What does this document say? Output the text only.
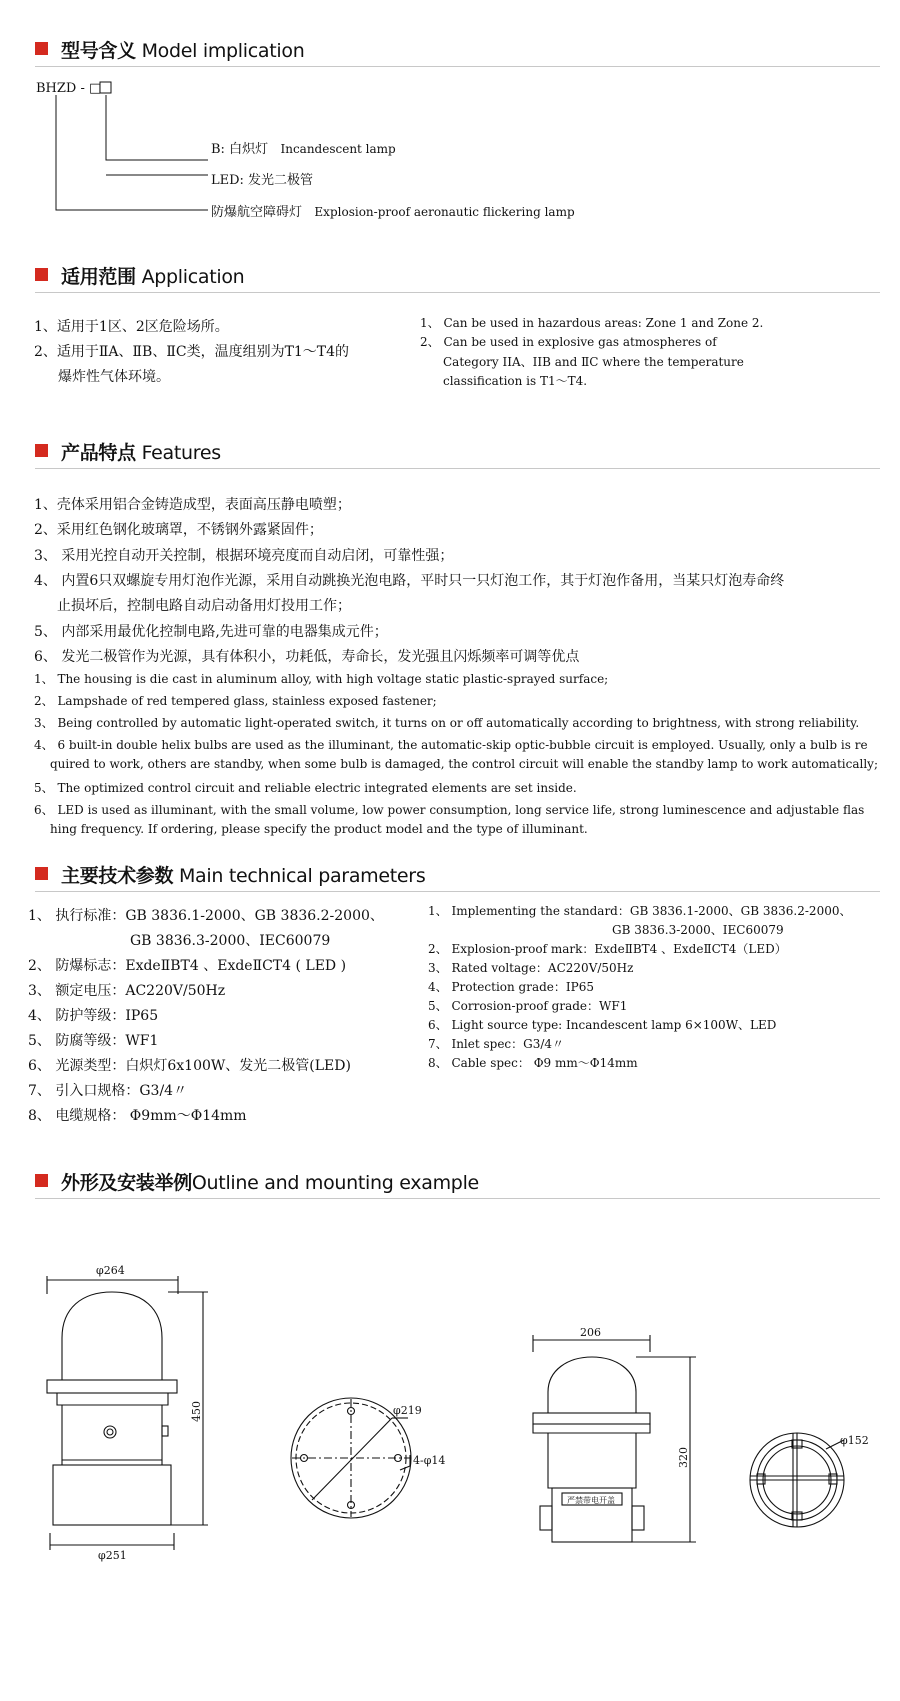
型号含义 Model implication
BHZD - □
B: 白炽灯 Incandescent lamp
LED: 发光二极管
防爆航空障碍灯 Explosion-proof aeronautic flickering lamp
适用范围 Application
1、适用于1区、2区危险场所。
2、适用于ⅡA、ⅡB、ⅡC类，温度组别为T1～T4的
爆炸性气体环境。
1、 Can be used in hazardous areas: Zone 1 and Zone 2.
2、 Can be used in explosive gas atmospheres of
Category IIA、IIB and ⅡC where the temperature
classification is T1～T4.
产品特点 Features
1、壳体采用铝合金铸造成型，表面高压静电喷塑；
2、采用红色钢化玻璃罩，不锈钢外露紧固件；
3、 采用光控自动开关控制，根据环境亮度而自动启闭，可靠性强；
4、 内置6只双螺旋专用灯泡作光源，采用自动跳换光泡电路，平时只一只灯泡工作，其于灯泡作备用，当某只灯泡寿命终
止损坏后，控制电路自动启动备用灯投用工作；
5、 内部采用最优化控制电路,先进可靠的电器集成元件；
6、 发光二极管作为光源，具有体积小，功耗低，寿命长，发光强且闪烁频率可调等优点
1、 The housing is die cast in aluminum alloy, with high voltage static plastic-sprayed surface;
2、 Lampshade of red tempered glass, stainless exposed fastener;
3、 Being controlled by automatic light-operated switch, it turns on or off automatically according to brightness, with strong reliability.
4、 6 built-in double helix bulbs are used as the illuminant, the automatic-skip optic-bubble circuit is employed. Usually, only a bulb is re
quired to work, others are standby, when some bulb is damaged, the control circuit will enable the standby lamp to work automatically;
5、 The optimized control circuit and reliable electric integrated elements are set inside.
6、 LED is used as illuminant, with the small volume, low power consumption, long service life, strong luminescence and adjustable flas
hing frequency. If ordering, please specify the product model and the type of illuminant.
主要技术参数 Main technical parameters
1、 执行标准：GB 3836.1-2000、GB 3836.2-2000、
GB 3836.3-2000、IEC60079
2、 防爆标志：ExdeⅡBT4 、ExdeⅡCT4 ( LED )
3、 额定电压：AC220V/50Hz
4、 防护等级：IP65
5、 防腐等级：WF1
6、 光源类型：白炽灯6x100W、发光二极管(LED)
7、 引入口规格：G3/4〃
8、 电缆规格： Φ9mm～Φ14mm
1、 Implementing the standard：GB 3836.1-2000、GB 3836.2-2000、
GB 3836.3-2000、IEC60079
2、 Explosion-proof mark：ExdeⅡBT4 、ExdeⅡCT4（LED）
3、 Rated voltage：AC220V/50Hz
4、 Protection grade：IP65
5、 Corrosion-proof grade：WF1
6、 Light source type: Incandescent lamp 6×100W、LED
7、 Inlet spec：G3/4〃
8、 Cable spec： Φ9 mm～Φ14mm
外形及安装举例Outline and mounting example
φ264
450
φ251
φ219
4-φ14
206
320
严禁带电开盖
φ152
